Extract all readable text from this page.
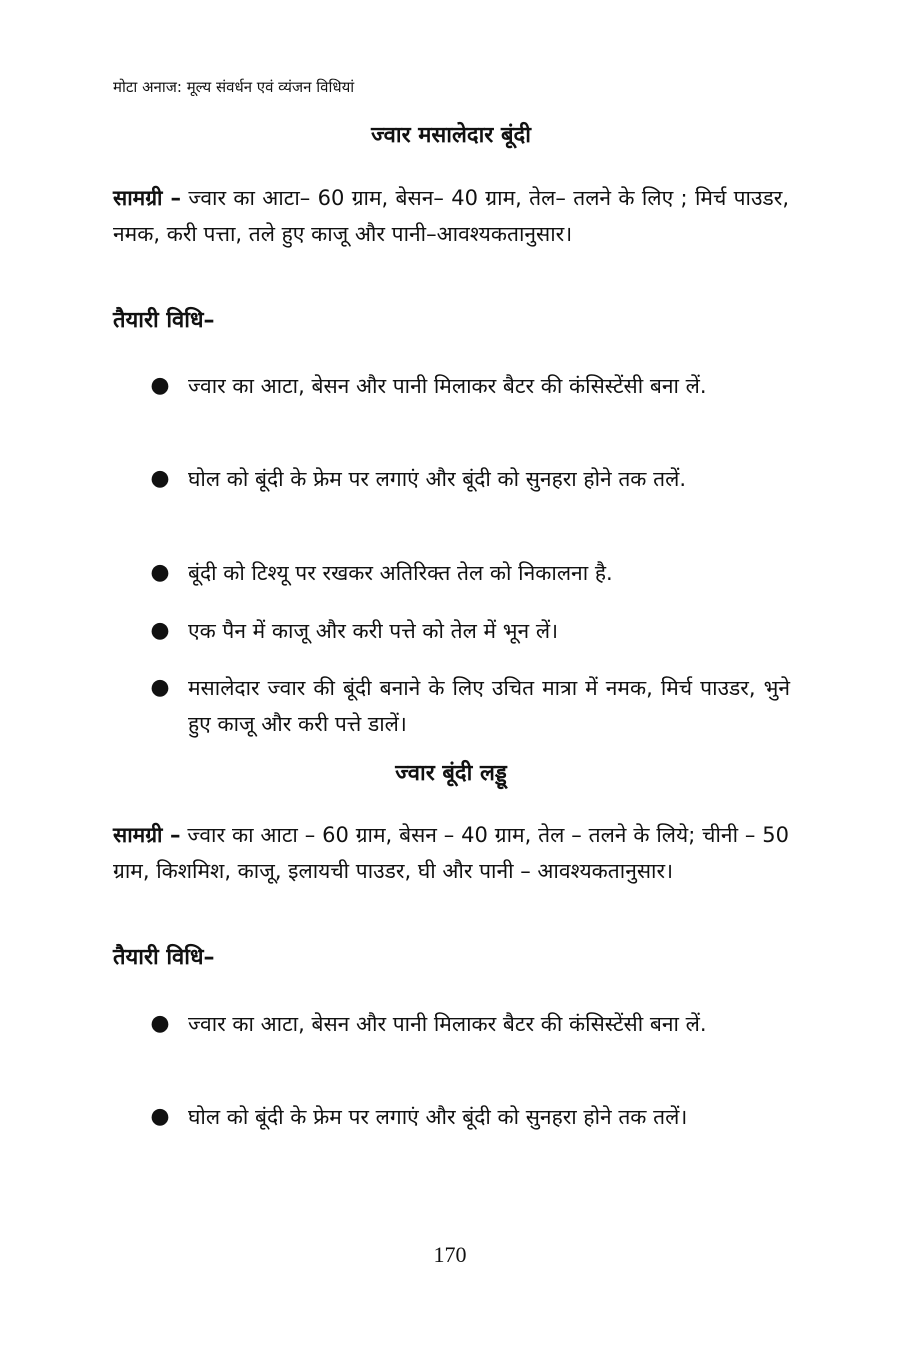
मोटा अनाज: मूल्य संवर्धन एवं व्यंजन विधियां
ज्वार मसालेदार बूंदी
सामग्री – ज्वार का आटा– 60 ग्राम, बेसन– 40 ग्राम, तेल– तलने के लिए ; मिर्च पाउडर, नमक, करी पत्ता, तले हुए काजू और पानी–आवश्यकतानुसार।
तैयारी विधि–
● ज्वार का आटा, बेसन और पानी मिलाकर बैटर की कंसिस्टेंसी बना लें.
● घोल को बूंदी के फ्रेम पर लगाएं और बूंदी को सुनहरा होने तक तलें.
● बूंदी को टिश्यू पर रखकर अतिरिक्त तेल को निकालना है.
● एक पैन में काजू और करी पत्ते को तेल में भून लें।
● मसालेदार ज्वार की बूंदी बनाने के लिए उचित मात्रा में नमक, मिर्च पाउडर, भुने हुए काजू और करी पत्ते डालें।
ज्वार बूंदी लड्डू
सामग्री – ज्वार का आटा – 60 ग्राम, बेसन – 40 ग्राम, तेल – तलने के लिये; चीनी – 50 ग्राम, किशमिश, काजू, इलायची पाउडर, घी और पानी – आवश्यकतानुसार।
तैयारी विधि–
● ज्वार का आटा, बेसन और पानी मिलाकर बैटर की कंसिस्टेंसी बना लें.
● घोल को बूंदी के फ्रेम पर लगाएं और बूंदी को सुनहरा होने तक तलें।
170
